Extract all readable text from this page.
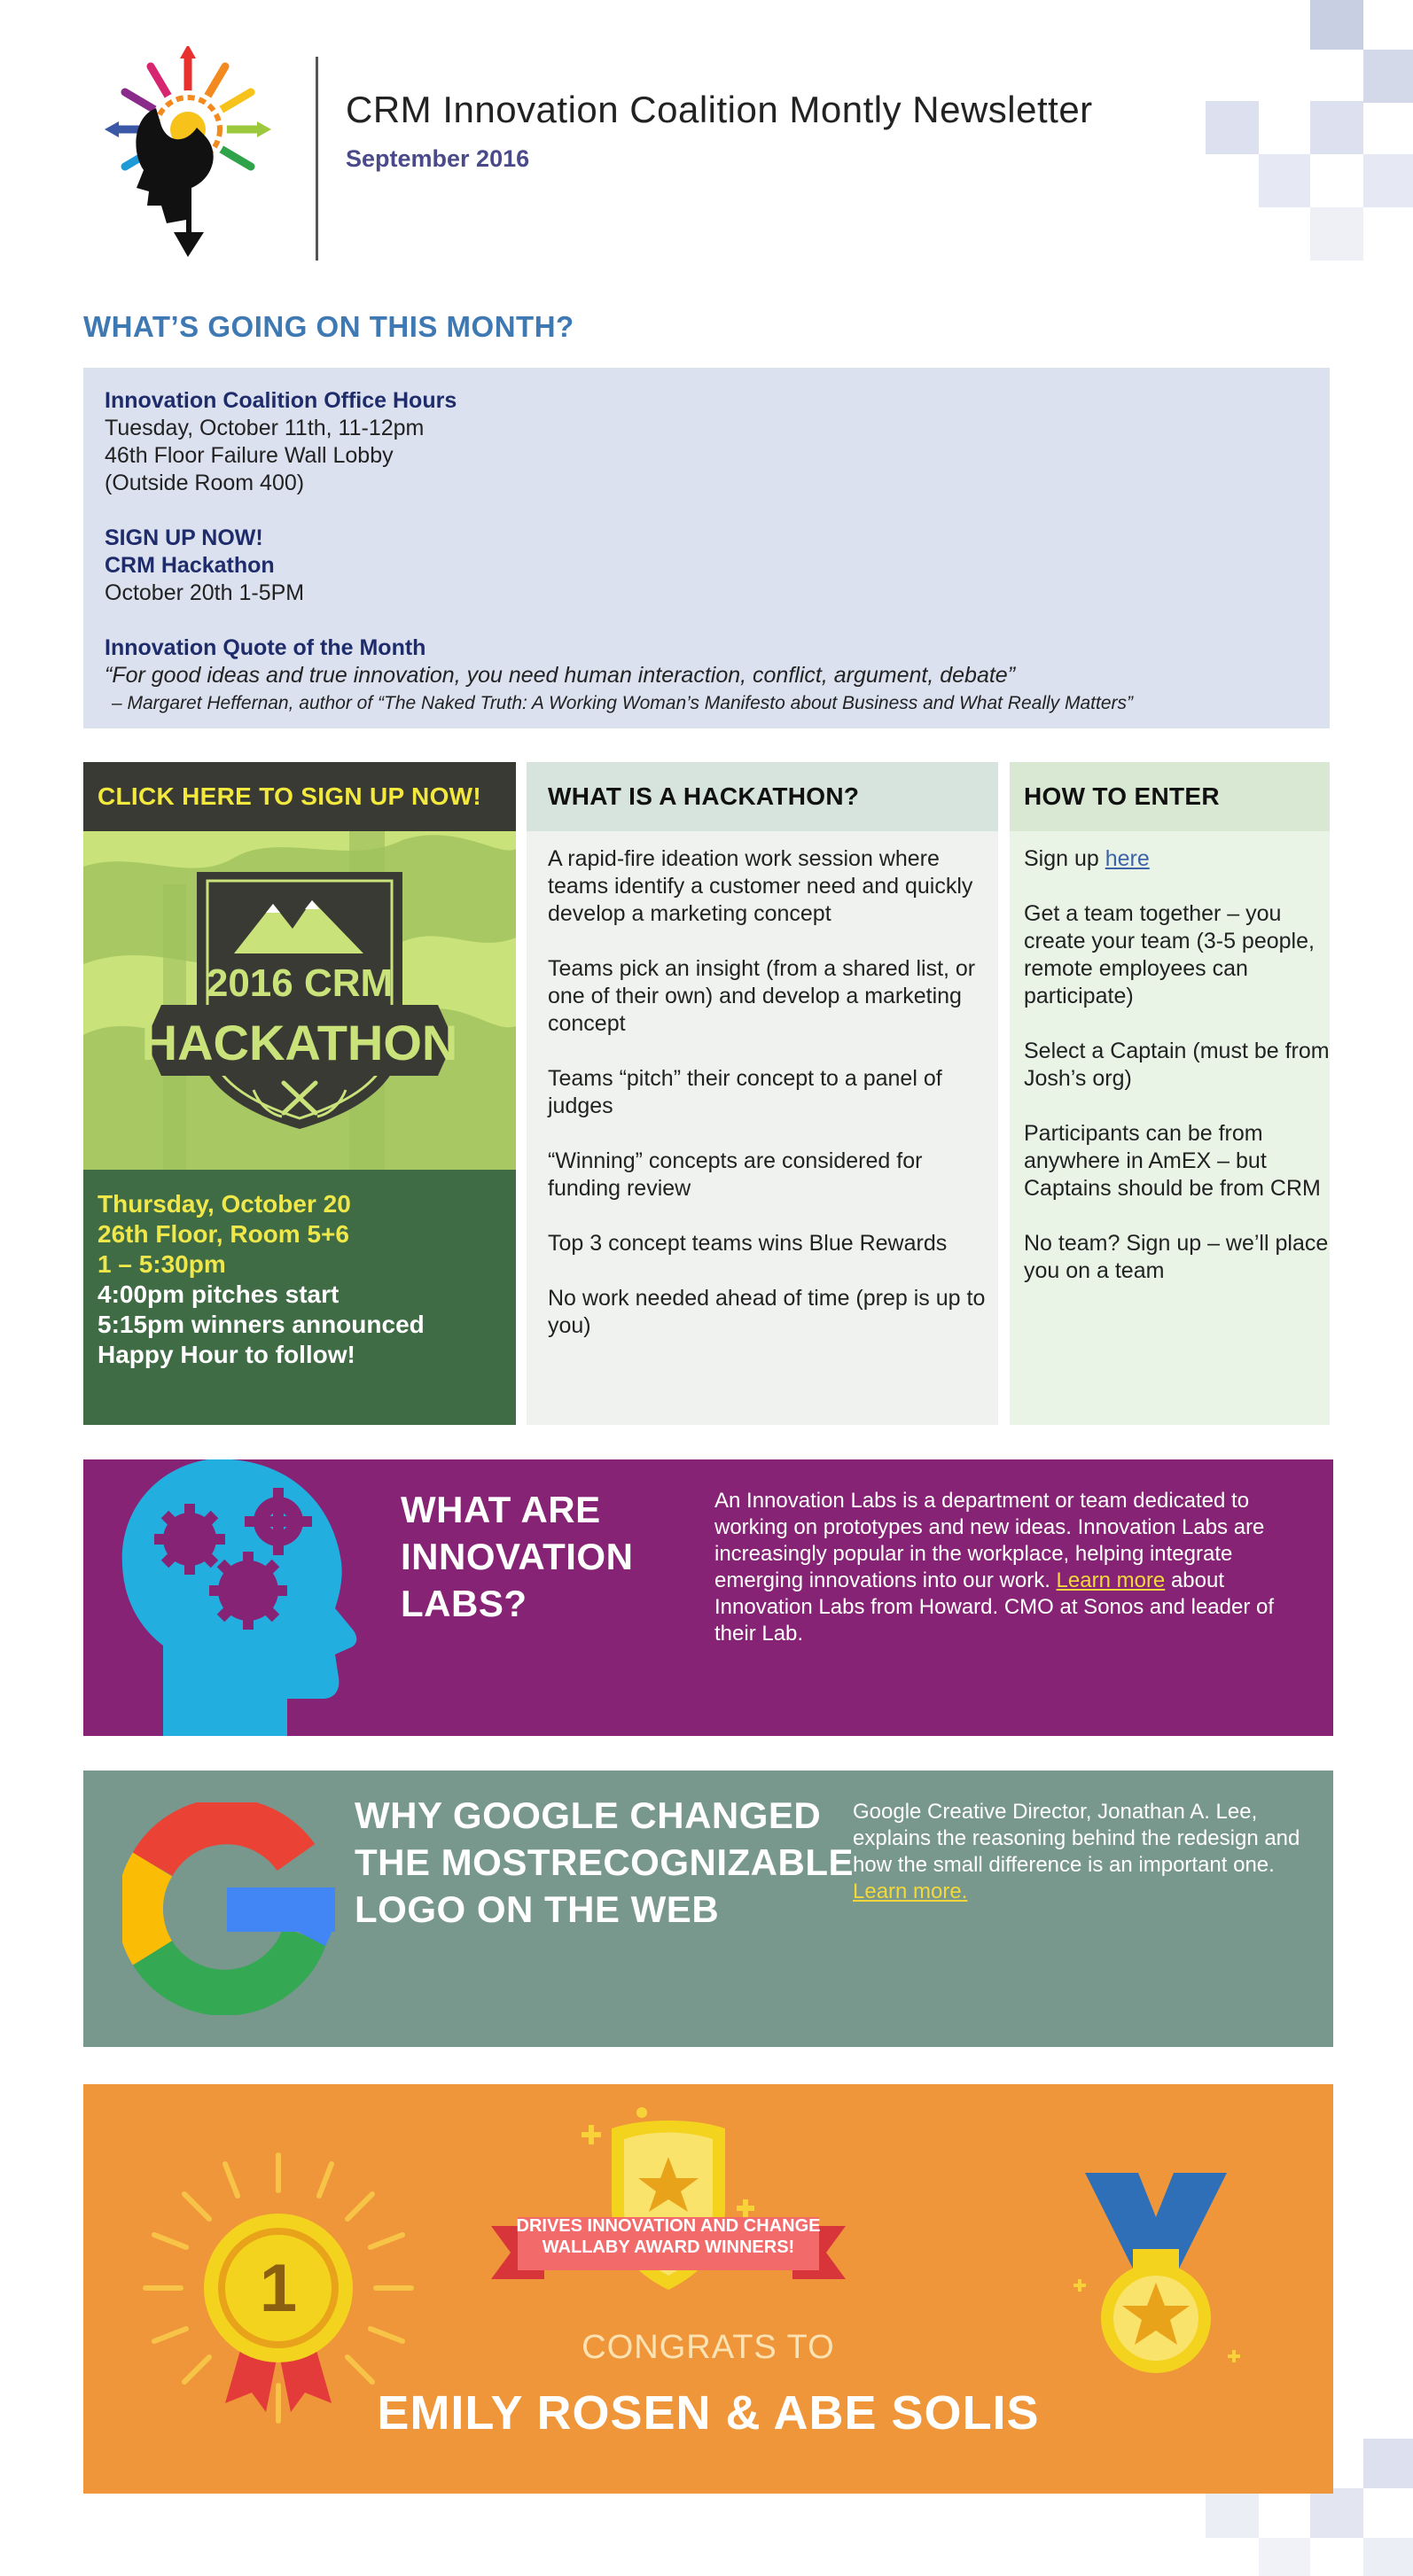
CRM Innovation Coalition Montly Newsletter
September 2016
WHAT’S GOING ON THIS MONTH?
Innovation Coalition Office Hours
Tuesday, October 11th, 11-12pm
46th Floor Failure Wall Lobby
(Outside Room 400)
SIGN UP NOW!
CRM Hackathon
October 20th 1-5PM
Innovation Quote of the Month
“For good ideas and true innovation, you need human interaction, conflict, argument, debate”
– Margaret Heffernan, author of “The Naked Truth: A Working Woman’s Manifesto about Business and What Really Matters”
CLICK HERE TO SIGN UP NOW!
2016 CRM
HACKATHON
Thursday, October 20
26th Floor, Room 5+6
1 – 5:30pm
4:00pm pitches start
5:15pm winners announced
Happy Hour to follow!
WHAT IS A HACKATHON?

A rapid-fire ideation work session where teams identify a customer need and quickly develop a marketing concept

Teams pick an insight (from a shared list, or one of their own) and develop a marketing concept

Teams “pitch” their concept to a panel of judges

“Winning” concepts are considered for funding review

Top 3 concept teams wins Blue Rewards

No work needed ahead of time (prep is up to you)

HOW TO ENTER

Sign up here

Get a team together – you create your team (3-5 people, remote employees can participate)

Select a Captain (must be from Josh’s org)

Participants can be from anywhere in AmEX – but Captains should be from CRM

No team? Sign up – we’ll place you on a team

WHAT ARE INNOVATION LABS?
An Innovation Labs is a department or team dedicated to working on prototypes and new ideas. Innovation Labs are increasingly popular in the workplace, helping integrate emerging innovations into our work. Learn more about Innovation Labs from Howard. CMO at Sonos and leader of their Lab.
WHY GOOGLE CHANGED THE MOSTRECOGNIZABLE LOGO ON THE WEB
Google Creative Director, Jonathan A. Lee, explains the reasoning behind the redesign and how the small difference is an important one. Learn more.
1
DRIVES INNOVATION AND CHANGE
WALLABY AWARD WINNERS!
CONGRATS TO
EMILY ROSEN & ABE SOLIS
